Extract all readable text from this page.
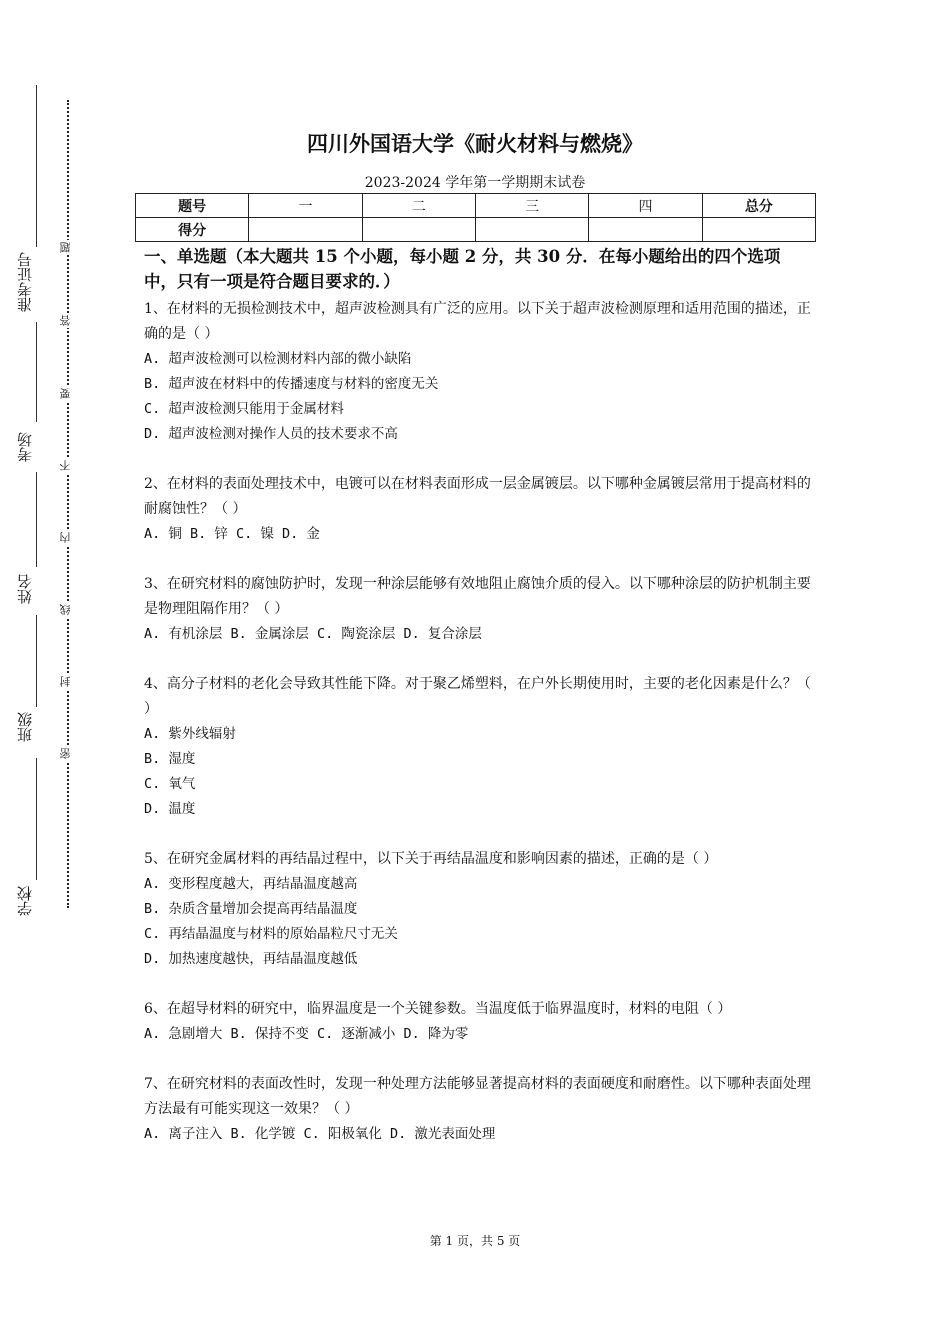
准考证号
考场
姓名
班级
学校
题
答
要
不
内
线
封
密
四川外国语大学《耐火材料与燃烧》
2023-2024 学年第一学期期末试卷
题号	一	二	三	四	总分
得分					
一、单选题（本大题共 15 个小题，每小题 2 分，共 30 分．在每小题给出的四个选项中，只有一项是符合题目要求的．）

1、在材料的无损检测技术中，超声波检测具有广泛的应用。以下关于超声波检测原理和适用范围的描述，正确的是（ ）

A. 超声波检测可以检测材料内部的微小缺陷

B. 超声波在材料中的传播速度与材料的密度无关

C. 超声波检测只能用于金属材料

D. 超声波检测对操作人员的技术要求不高

2、在材料的表面处理技术中，电镀可以在材料表面形成一层金属镀层。以下哪种金属镀层常用于提高材料的耐腐蚀性？（ ）

A. 铜 B. 锌 C. 镍 D. 金

3、在研究材料的腐蚀防护时，发现一种涂层能够有效地阻止腐蚀介质的侵入。以下哪种涂层的防护机制主要是物理阻隔作用？（ ）

A. 有机涂层 B. 金属涂层 C. 陶瓷涂层 D. 复合涂层

4、高分子材料的老化会导致其性能下降。对于聚乙烯塑料，在户外长期使用时，主要的老化因素是什么？（ ）

A. 紫外线辐射

B. 湿度

C. 氧气

D. 温度

5、在研究金属材料的再结晶过程中，以下关于再结晶温度和影响因素的描述，正确的是（ ）

A. 变形程度越大，再结晶温度越高

B. 杂质含量增加会提高再结晶温度

C. 再结晶温度与材料的原始晶粒尺寸无关

D. 加热速度越快，再结晶温度越低

6、在超导材料的研究中，临界温度是一个关键参数。当温度低于临界温度时，材料的电阻（ ）

A. 急剧增大 B. 保持不变 C. 逐渐减小 D. 降为零

7、在研究材料的表面改性时，发现一种处理方法能够显著提高材料的表面硬度和耐磨性。以下哪种表面处理方法最有可能实现这一效果？（ ）

A. 离子注入 B. 化学镀 C. 阳极氧化 D. 激光表面处理

第 1 页，共 5 页
